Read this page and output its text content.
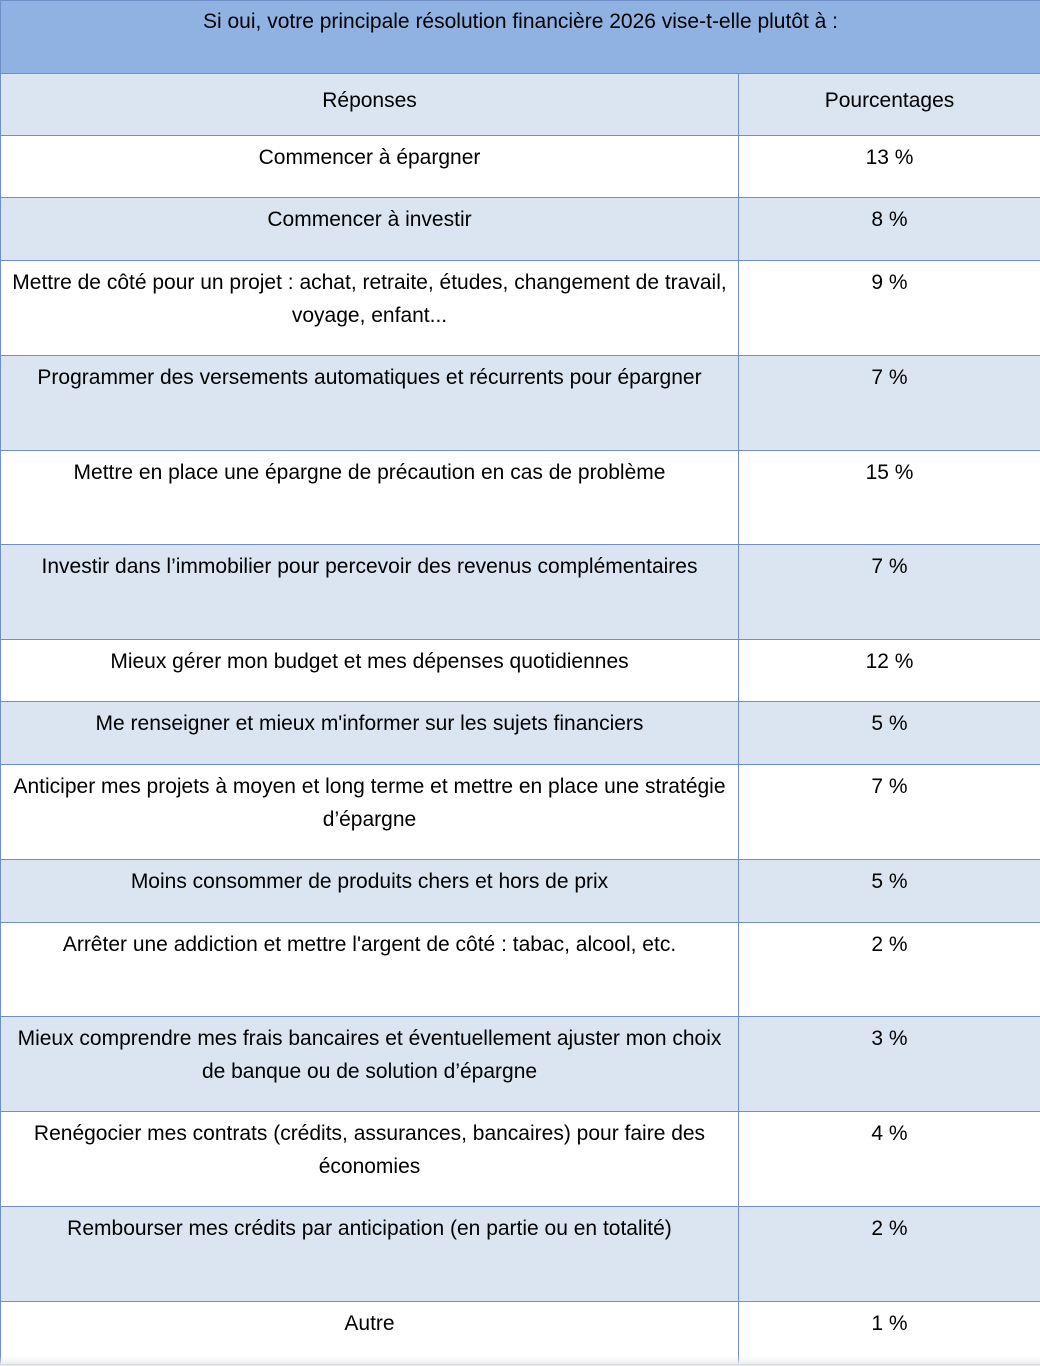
Si oui, votre principale résolution financière 2026 vise-t-elle plutôt à :	
Réponses	Pourcentages
Commencer à épargner	13 %
Commencer à investir	8 %
Mettre de côté pour un projet : achat, retraite, études, changement de travail, voyage, enfant...	9 %
Programmer des versements automatiques et récurrents pour épargner	7 %
Mettre en place une épargne de précaution en cas de problème	15 %
Investir dans l’immobilier pour percevoir des revenus complémentaires	7 %
Mieux gérer mon budget et mes dépenses quotidiennes	12 %
Me renseigner et mieux m'informer sur les sujets financiers	5 %
Anticiper mes projets à moyen et long terme et mettre en place une stratégie d’épargne	7 %
Moins consommer de produits chers et hors de prix	5 %
Arrêter une addiction et mettre l'argent de côté : tabac, alcool, etc.	2 %
Mieux comprendre mes frais bancaires et éventuellement ajuster mon choix de banque ou de solution d’épargne	3 %
Renégocier mes contrats (crédits, assurances, bancaires) pour faire des économies	4 %
Rembourser mes crédits par anticipation (en partie ou en totalité)	2 %
Autre	1 %
